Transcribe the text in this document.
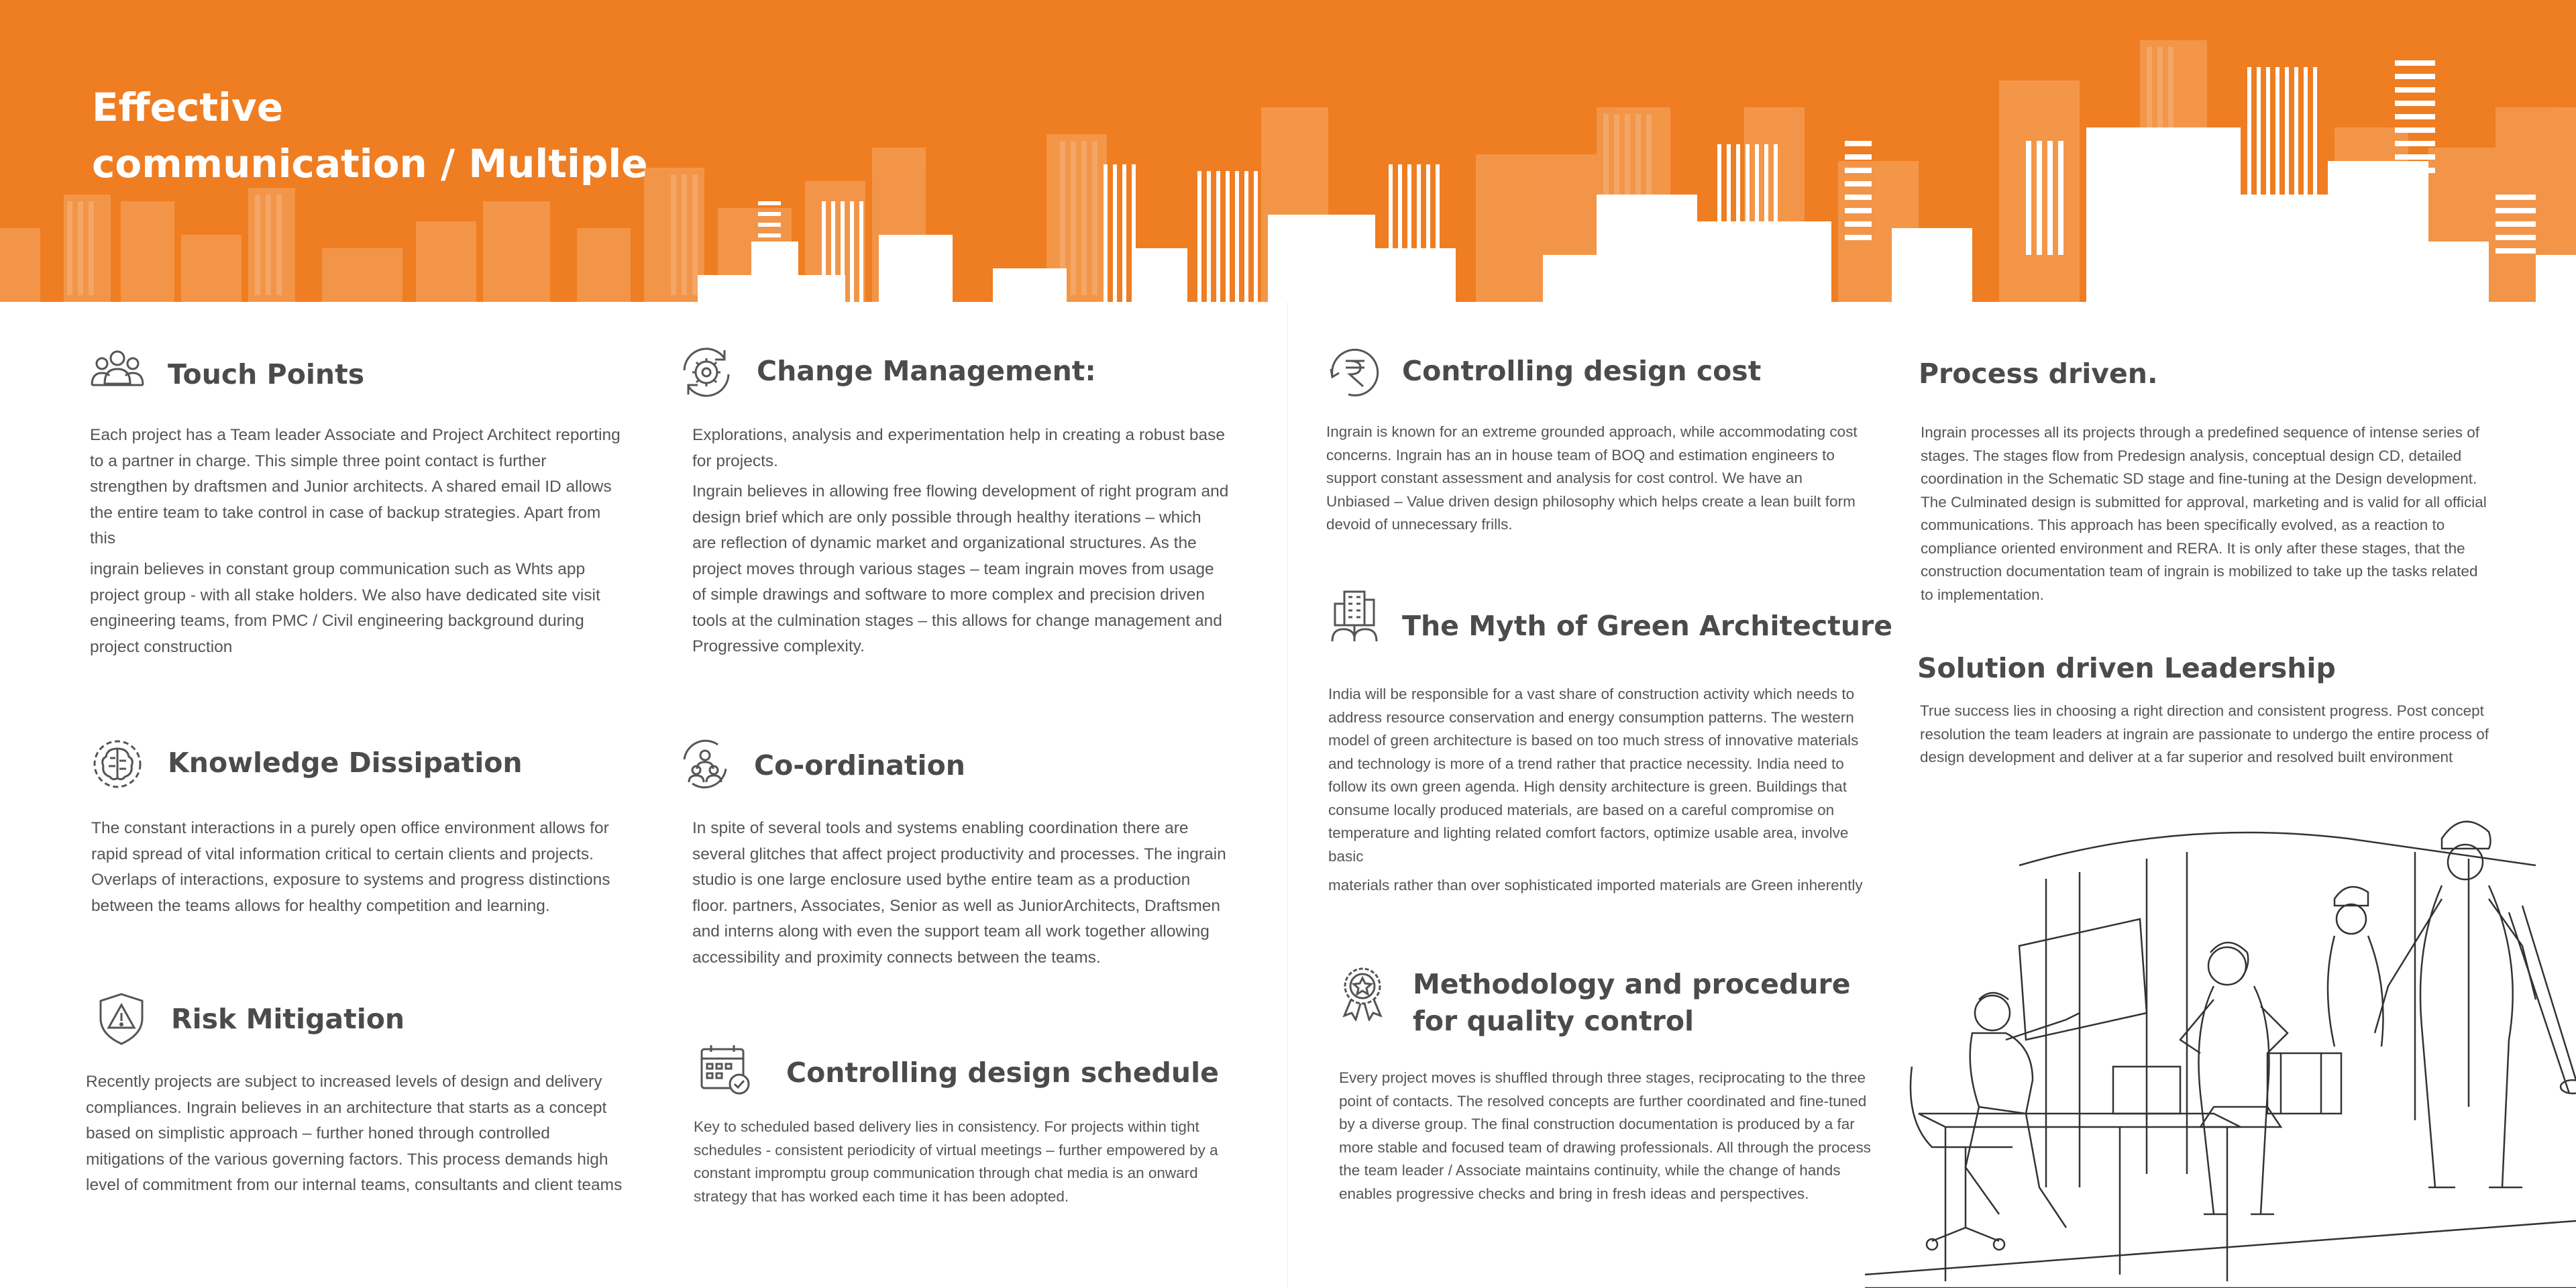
Effective
communication / Multiple
Touch Points

Each project has a Team leader Associate and Project Architect reporting to a partner in charge. This simple three point contact is further strengthen by draftsmen and Junior architects. A shared email ID allows the entire team to take control in case of backup strategies. Apart from this

ingrain believes in constant group communication such as Whts app project group - with all stake holders. We also have dedicated site visit engineering teams, from PMC / Civil engineering background during project construction

Knowledge Dissipation

The constant interactions in a purely open office environment allows for rapid spread of vital information critical to certain clients and projects. Overlaps of interactions, exposure to systems and progress distinctions between the teams allows for healthy competition and learning.

Risk Mitigation

Recently projects are subject to increased levels of design and delivery compliances. Ingrain believes in an architecture that starts as a concept based on simplistic approach – further honed through controlled mitigations of the various governing factors. This process demands high level of commitment from our internal teams, consultants and client teams

Change Management:

Explorations, analysis and experimentation help in creating a robust base for projects.

Ingrain believes in allowing free flowing development of right program and design brief which are only possible through healthy iterations – which are reflection of dynamic market and organizational structures. As the project moves through various stages – team ingrain moves from usage of simple drawings and software to more complex and precision driven tools at the culmination stages – this allows for change management and Progressive complexity.

Co-ordination

In spite of several tools and systems enabling coordination there are several glitches that affect project productivity and processes. The ingrain studio is one large enclosure used bythe entire team as a production floor. partners, Associates, Senior as well as JuniorArchitects, Draftsmen and interns along with even the support team all work together allowing accessibility and proximity connects between the teams.

Controlling design schedule

Key to scheduled based delivery lies in consistency. For projects within tight schedules - consistent periodicity of virtual meetings – further empowered by a constant impromptu group communication through chat media is an onward strategy that has worked each time it has been adopted.

Controlling design cost

Ingrain is known for an extreme grounded approach, while accommodating cost concerns. Ingrain has an in house team of BOQ and estimation engineers to support constant assessment and analysis for cost control. We have an Unbiased – Value driven design philosophy which helps create a lean built form devoid of unnecessary frills.

The Myth of Green Architecture

India will be responsible for a vast share of construction activity which needs to address resource conservation and energy consumption patterns. The western model of green architecture is based on too much stress of innovative materials and technology is more of a trend rather that practice necessity. India need to follow its own green agenda. High density architecture is green. Buildings that consume locally produced materials, are based on a careful compromise on temperature and lighting related comfort factors, optimize usable area, involve basic

materials rather than over sophisticated imported materials are Green inherently

Methodology and procedure
for quality control

Every project moves is shuffled through three stages, reciprocating to the three point of contacts. The resolved concepts are further coordinated and fine-tuned by a diverse group. The final construction documentation is produced by a far more stable and focused team of drawing professionals. All through the process the team leader / Associate maintains continuity, while the change of hands enables progressive checks and bring in fresh ideas and perspectives.

Process driven.

Ingrain processes all its projects through a predefined sequence of intense series of stages. The stages flow from Predesign analysis, conceptual design CD, detailed coordination in the Schematic SD stage and fine-tuning at the Design development. The Culminated design is submitted for approval, marketing and is valid for all official communications. This approach has been specifically evolved, as a reaction to compliance oriented environment and RERA. It is only after these stages, that the construction documentation team of ingrain is mobilized to take up the tasks related to implementation.

Solution driven Leadership

True success lies in choosing a right direction and consistent progress. Post concept resolution the team leaders at ingrain are passionate to undergo the entire process of design development and deliver at a far superior and resolved built environment
